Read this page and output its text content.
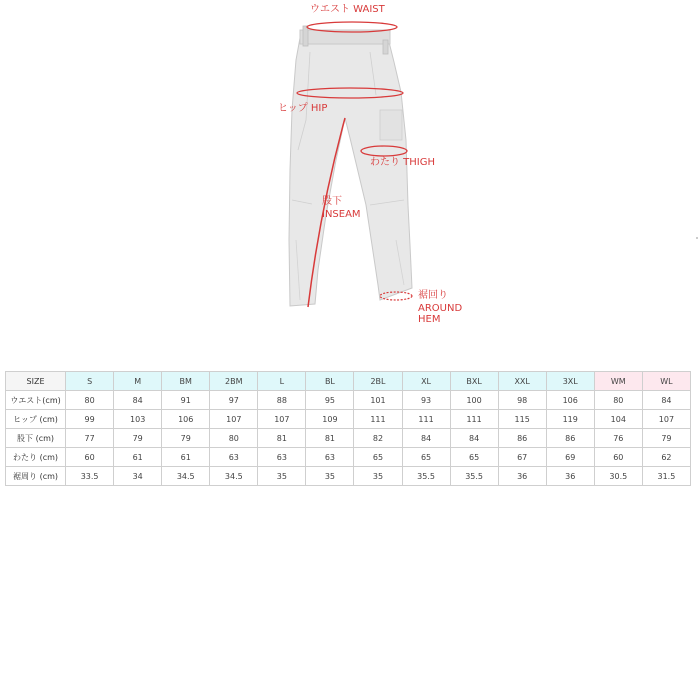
ウエスト WAIST
ヒップ HIP
わたり THIGH
股下
INSEAM
裾回り
AROUND
HEM
SIZE	S	M	BM	2BM	L	BL	2BL	XL	BXL	XXL	3XL	WM	WL
ウエスト(cm)	80	84	91	97	88	95	101	93	100	98	106	80	84
ヒップ (cm)	99	103	106	107	107	109	111	111	111	115	119	104	107
股下 (cm)	77	79	79	80	81	81	82	84	84	86	86	76	79
わたり (cm)	60	61	61	63	63	63	65	65	65	67	69	60	62
裾周り (cm)	33.5	34	34.5	34.5	35	35	35	35.5	35.5	36	36	30.5	31.5
